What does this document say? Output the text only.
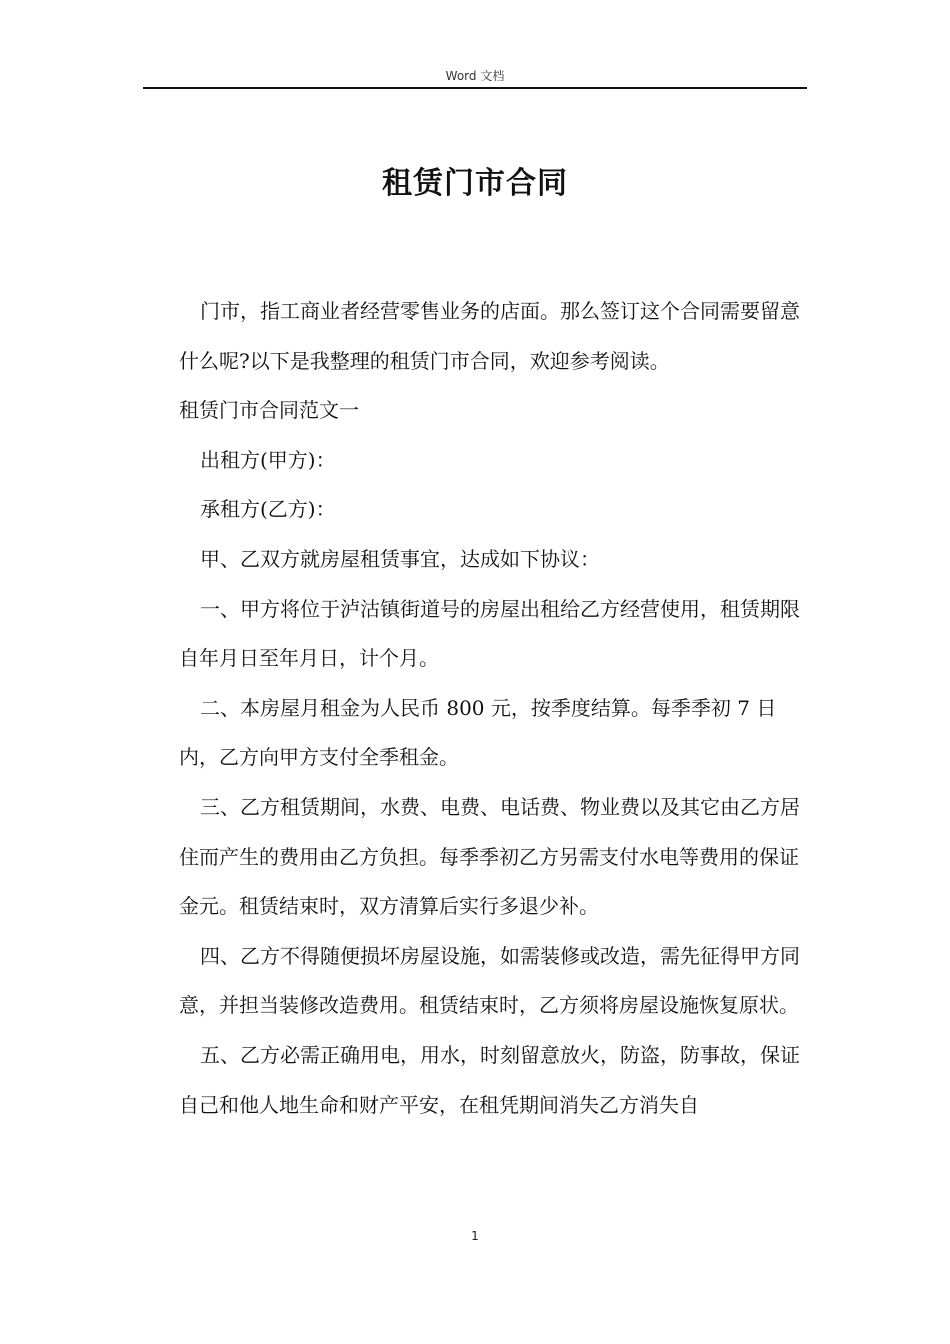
Word 文档
租赁门市合同

门市，指工商业者经营零售业务的店面。那么签订这个合同需要留意什么呢?以下是我整理的租赁门市合同，欢迎参考阅读。

租赁门市合同范文一

出租方(甲方)：

承租方(乙方)：

甲、乙双方就房屋租赁事宜，达成如下协议：

一、甲方将位于泸沽镇街道号的房屋出租给乙方经营使用，租赁期限自年月日至年月日，计个月。

二、本房屋月租金为人民币 800 元，按季度结算。每季季初 7 日内，乙方向甲方支付全季租金。

三、乙方租赁期间，水费、电费、电话费、物业费以及其它由乙方居住而产生的费用由乙方负担。每季季初乙方另需支付水电等费用的保证金元。租赁结束时，双方清算后实行多退少补。

四、乙方不得随便损坏房屋设施，如需装修或改造，需先征得甲方同意，并担当装修改造费用。租赁结束时，乙方须将房屋设施恢复原状。

五、乙方必需正确用电，用水，时刻留意放火，防盗，防事故，保证自己和他人地生命和财产平安，在租凭期间消失乙方消失自

1
